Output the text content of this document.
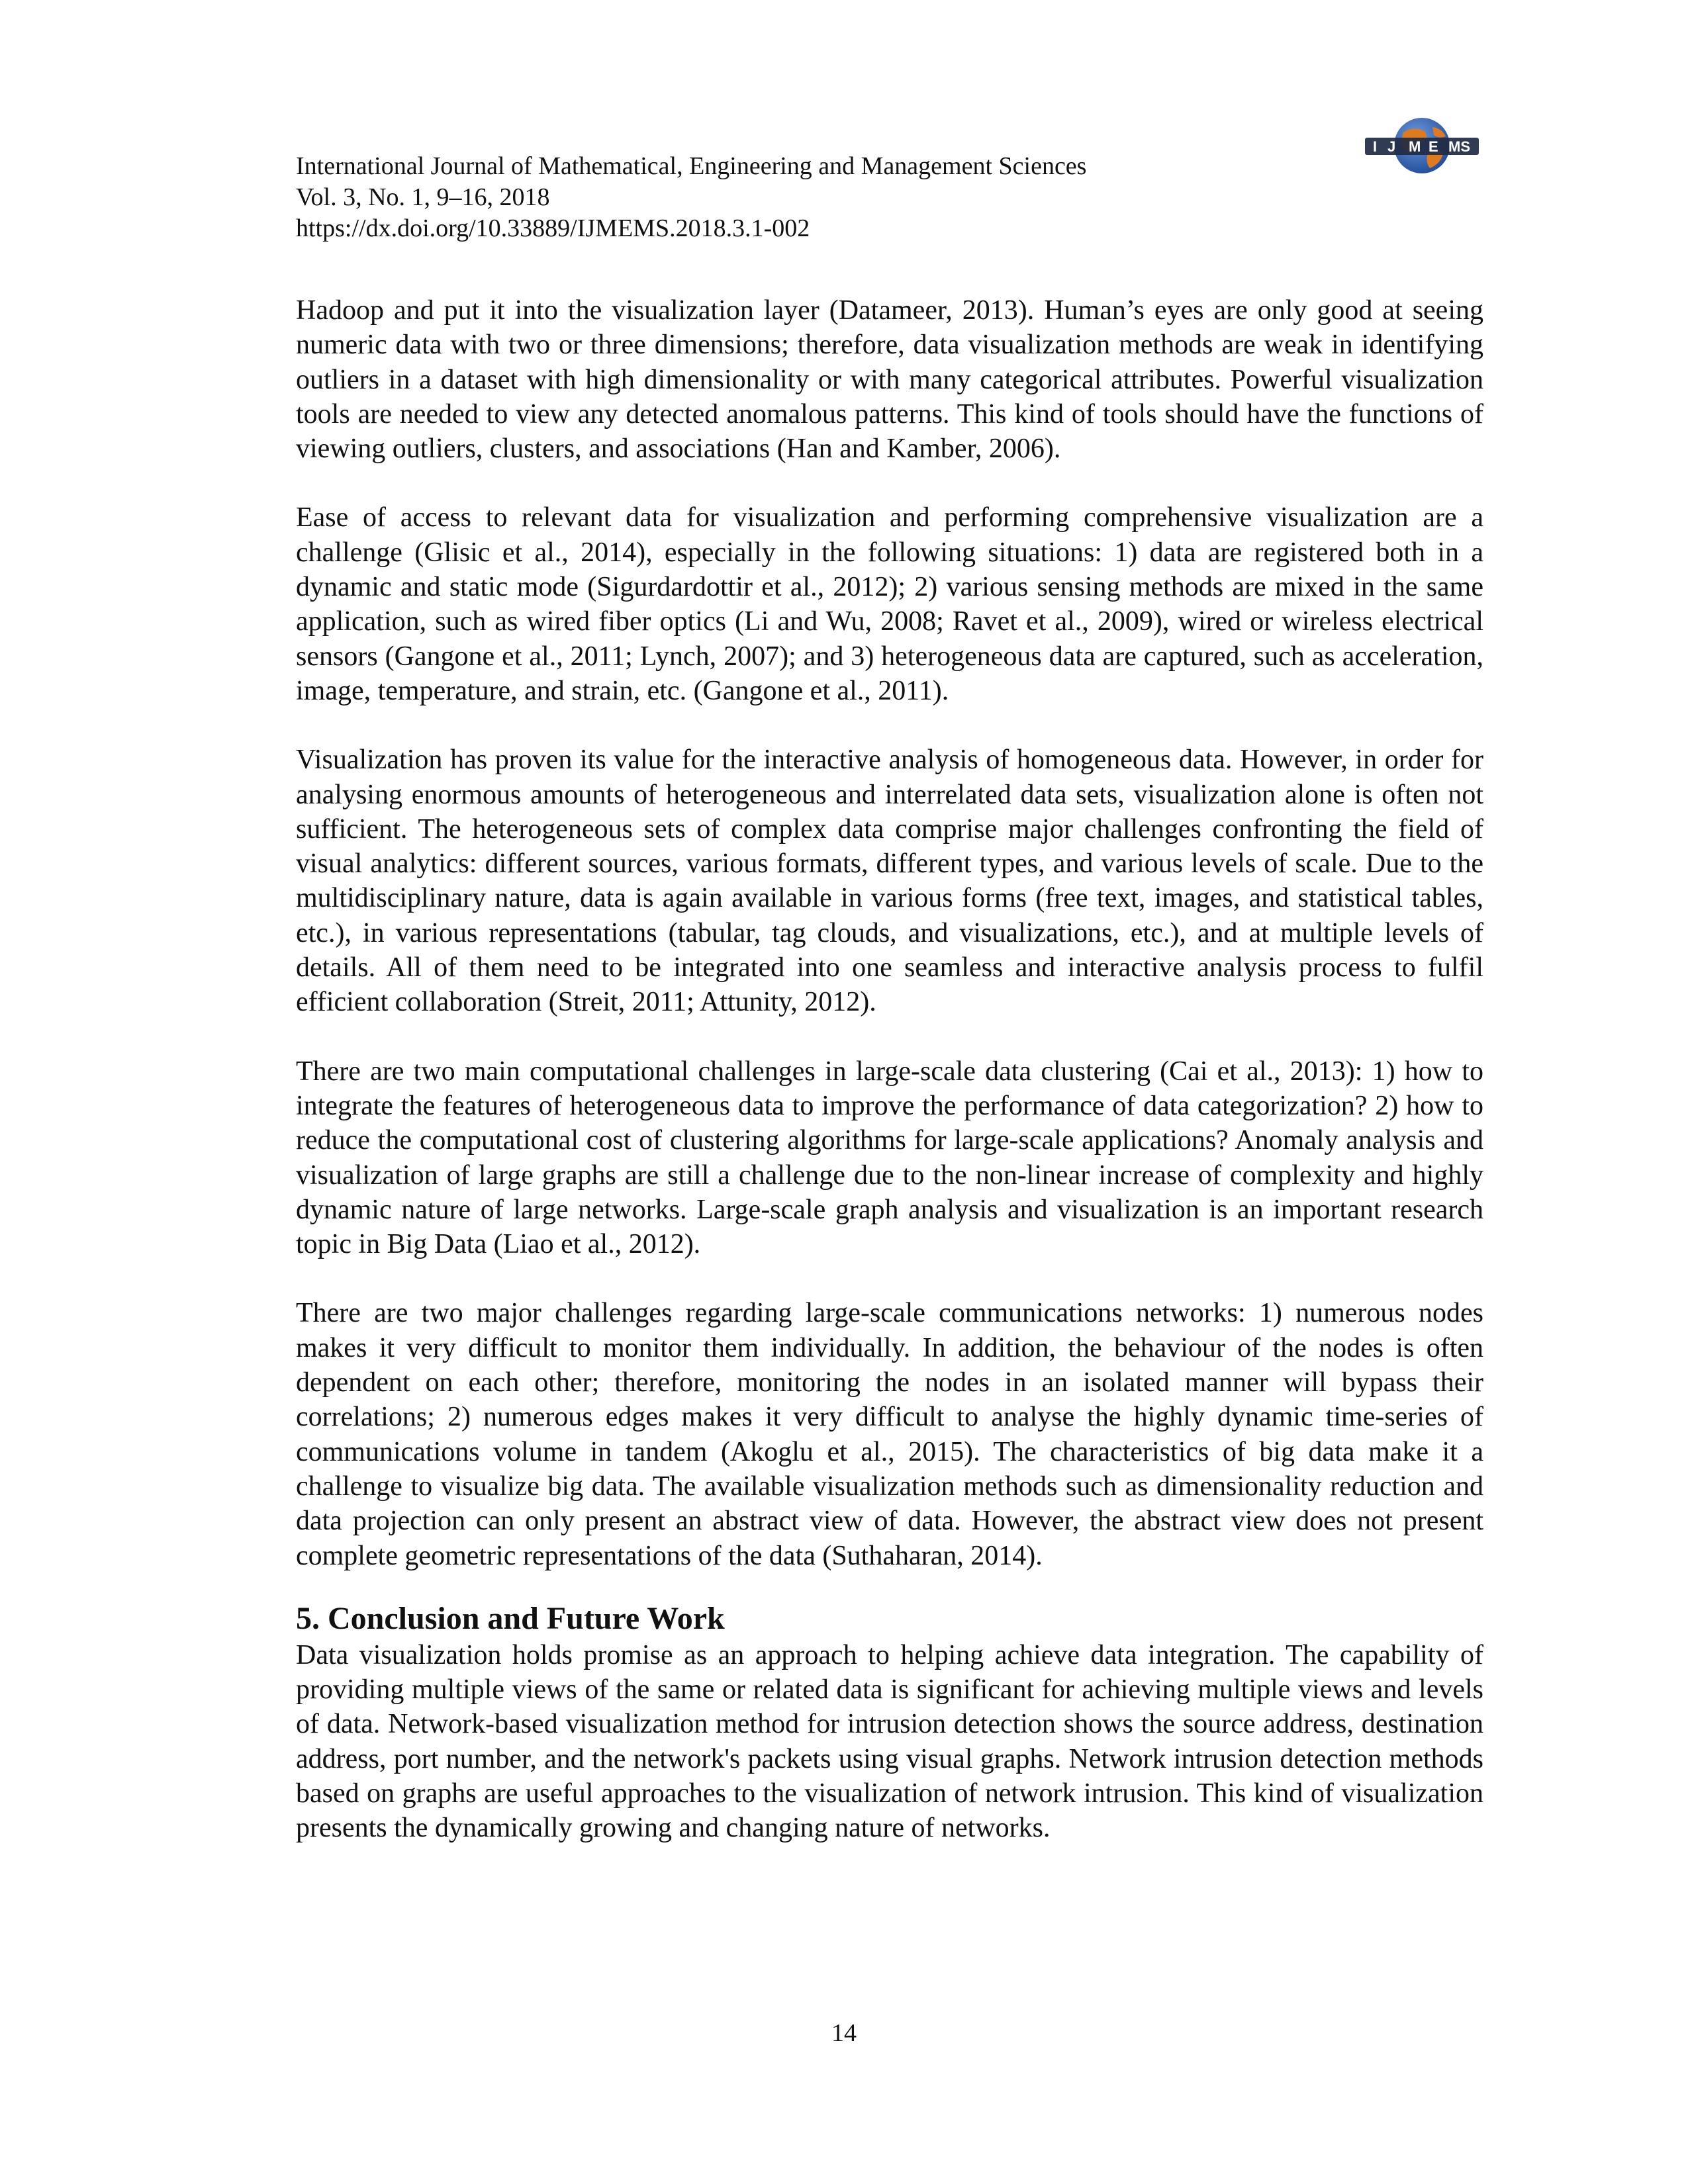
International Journal of Mathematical, Engineering and Management Sciences
Vol. 3, No. 1, 9–16, 2018
https://dx.doi.org/10.33889/IJMEMS.2018.3.1-002
I J M E MS

Hadoop and put it into the visualization layer (Datameer, 2013). Human’s eyes are only good at seeing numeric data with two or three dimensions; therefore, data visualization methods are weak in identifying outliers in a dataset with high dimensionality or with many categorical attributes. Powerful visualization tools are needed to view any detected anomalous patterns. This kind of tools should have the functions of viewing outliers, clusters, and associations (Han and Kamber, 2006).

Ease of access to relevant data for visualization and performing comprehensive visualization are a challenge (Glisic et al., 2014), especially in the following situations: 1) data are registered both in a dynamic and static mode (Sigurdardottir et al., 2012); 2) various sensing methods are mixed in the same application, such as wired fiber optics (Li and Wu, 2008; Ravet et al., 2009), wired or wireless electrical sensors (Gangone et al., 2011; Lynch, 2007); and 3) heterogeneous data are captured, such as acceleration, image, temperature, and strain, etc. (Gangone et al., 2011).

Visualization has proven its value for the interactive analysis of homogeneous data. However, in order for analysing enormous amounts of heterogeneous and interrelated data sets, visualization alone is often not sufficient. The heterogeneous sets of complex data comprise major challenges confronting the field of visual analytics: different sources, various formats, different types, and various levels of scale. Due to the multidisciplinary nature, data is again available in various forms (free text, images, and statistical tables, etc.), in various representations (tabular, tag clouds, and visualizations, etc.), and at multiple levels of details. All of them need to be integrated into one seamless and interactive analysis process to fulfil efficient collaboration (Streit, 2011; Attunity, 2012).

There are two main computational challenges in large-scale data clustering (Cai et al., 2013): 1) how to integrate the features of heterogeneous data to improve the performance of data categorization? 2) how to reduce the computational cost of clustering algorithms for large-scale applications? Anomaly analysis and visualization of large graphs are still a challenge due to the non-linear increase of complexity and highly dynamic nature of large networks. Large-scale graph analysis and visualization is an important research topic in Big Data (Liao et al., 2012).

There are two major challenges regarding large-scale communications networks: 1) numerous nodes makes it very difficult to monitor them individually. In addition, the behaviour of the nodes is often dependent on each other; therefore, monitoring the nodes in an isolated manner will bypass their correlations; 2) numerous edges makes it very difficult to analyse the highly dynamic time-series of communications volume in tandem (Akoglu et al., 2015). The characteristics of big data make it a challenge to visualize big data. The available visualization methods such as dimensionality reduction and data projection can only present an abstract view of data. However, the abstract view does not present complete geometric representations of the data (Suthaharan, 2014).

5. Conclusion and Future Work

Data visualization holds promise as an approach to helping achieve data integration. The capability of providing multiple views of the same or related data is significant for achieving multiple views and levels of data. Network-based visualization method for intrusion detection shows the source address, destination address, port number, and the network's packets using visual graphs. Network intrusion detection methods based on graphs are useful approaches to the visualization of network intrusion. This kind of visualization presents the dynamically growing and changing nature of networks.

14
